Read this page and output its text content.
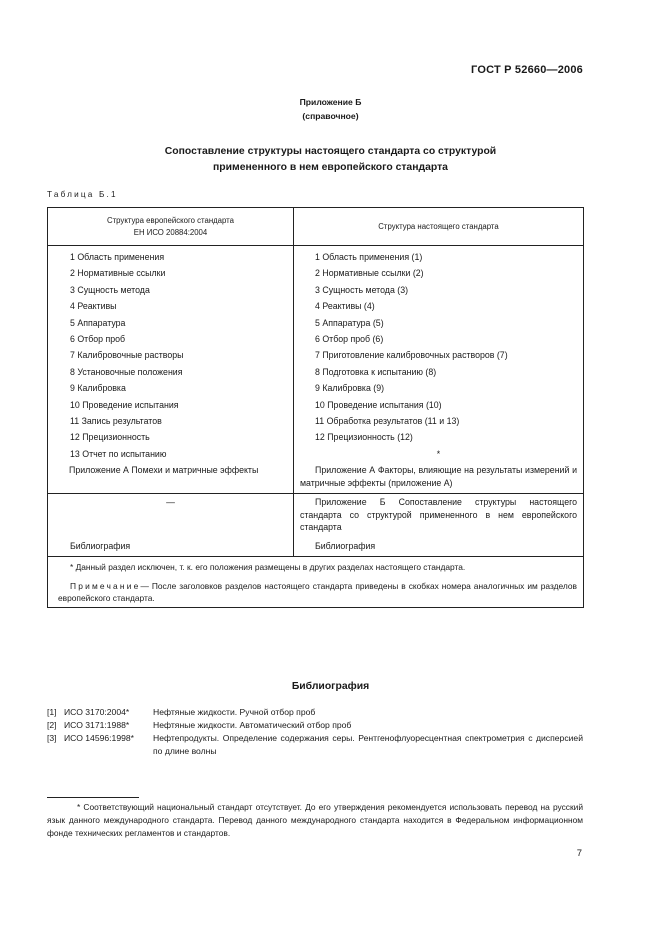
ГОСТ Р 52660—2006
Приложение Б
(справочное)
Сопоставление структуры настоящего стандарта со структурой
примененного в нем европейского стандарта
Таблица Б.1
Структура европейского стандарта
ЕН ИСО 20884:2004	Структура настоящего стандарта
1 Область применения	1 Область применения (1)
2 Нормативные ссылки	2 Нормативные ссылки (2)
3 Сущность метода	3 Сущность метода (3)
4 Реактивы	4 Реактивы (4)
5 Аппаратура	5 Аппаратура (5)
6 Отбор проб	6 Отбор проб (6)
7 Калибровочные растворы	7 Приготовление калибровочных растворов (7)
8 Установочные положения	8 Подготовка к испытанию (8)
9 Калибровка	9 Калибровка (9)
10 Проведение испытания	10 Проведение испытания (10)
11 Запись результатов	11 Обработка результатов (11 и 13)
12 Прецизионность	12 Прецизионность (12)
13 Отчет по испытанию	*
Приложение А Помехи и матричные эффекты	Приложение А Факторы, влияющие на результаты измерений и матричные эффекты (приложение А)
—	Приложение Б Сопоставление структуры настоящего стандарта со структурой примененного в нем европейского стандарта
Библиография	Библиография

* Данный раздел исключен, т. к. его положения размещены в других разделах настоящего стандарта.
Примечание— После заголовков разделов настоящего стандарта приведены в скобках номера аналогичных им разделов европейского стандарта.	
Библиография
[1] ИСО 3170:2004*	Нефтяные жидкости. Ручной отбор проб
[2] ИСО 3171:1988*	Нефтяные жидкости. Автоматический отбор проб
[3] ИСО 14596:1998*	Нефтепродукты. Определение содержания серы. Рентгенофлуоресцентная спектрометрия с дисперсией по длине волны
* Соответствующий национальный стандарт отсутствует. До его утверждения рекомендуется использовать перевод на русский язык данного международного стандарта. Перевод данного международного стандарта находится в Федеральном информационном фонде технических регламентов и стандартов.
7
